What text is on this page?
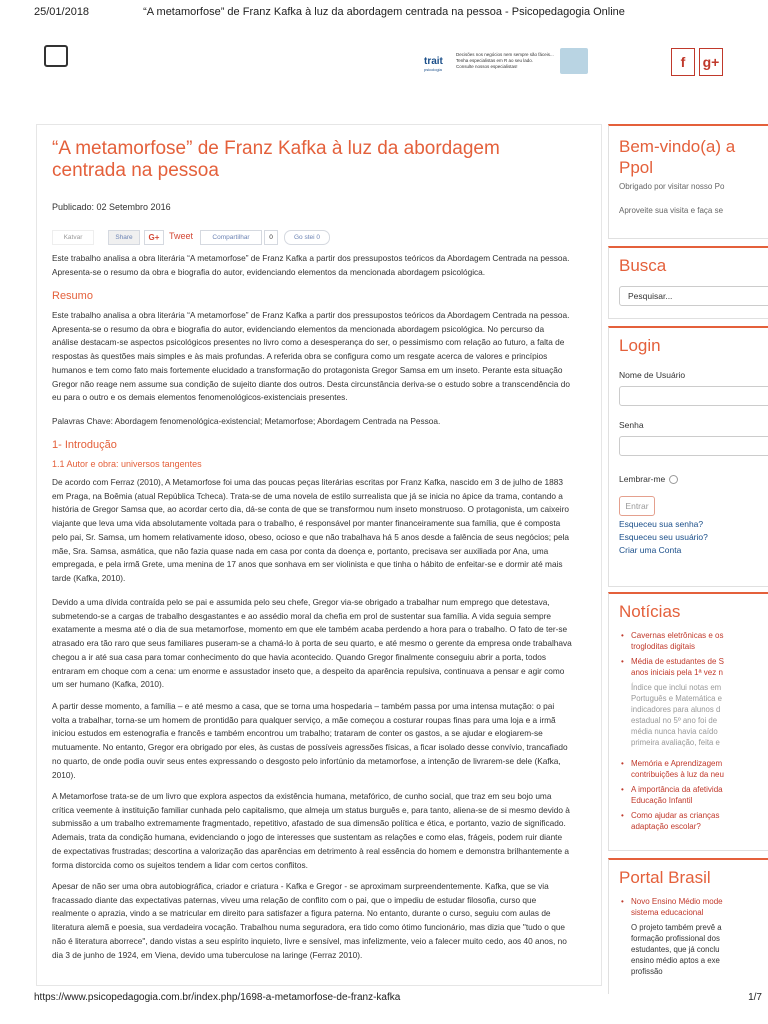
25/01/2018	“A metamorfose” de Franz Kafka à luz da abordagem centrada na pessoa - Psicopedagogia Online
trait
psicologia
Decisões nos negócios nem sempre são fáceis...
Tenha especialistas em R ao seu lado.
Consulte nossos especialistas!	f	g+
“A metamorfose” de Franz Kafka à luz da abordagem centrada na pessoa
Publicado: 02 Setembro 2016
Katvar	Share	G+	Tweet	Compartilhar	0	Go stei 0

Este trabalho analisa a obra literária “A metamorfose” de Franz Kafka a partir dos pressupostos teóricos da Abordagem Centrada na pessoa. Apresenta-se o resumo da obra e biografia do autor, evidenciando elementos da mencionada abordagem psicológica.

Resumo

Este trabalho analisa a obra literária “A metamorfose” de Franz Kafka a partir dos pressupostos teóricos da Abordagem Centrada na pessoa. Apresenta-se o resumo da obra e biografia do autor, evidenciando elementos da mencionada abordagem psicológica. No percurso da análise destacam-se aspectos psicológicos presentes no livro como a desesperança do ser, o pessimismo com relação ao futuro, a falta de respostas às questões mais simples e às mais profundas. A referida obra se configura como um resgate acerca de valores e princípios humanos e tem como fato mais fortemente elucidado a transformação do protagonista Gregor Samsa em um inseto. Perante esta situação Gregor não reage nem assume sua condição de sujeito diante dos outros. Desta circunstância deriva-se o estudo sobre a transcendência do eu para o outro e os demais elementos fenomenológicos-existenciais presentes.

Palavras Chave: Abordagem fenomenológica-existencial; Metamorfose; Abordagem Centrada na Pessoa.

1- Introdução
1.1 Autor e obra: universos tangentes

De acordo com Ferraz (2010), A Metamorfose foi uma das poucas peças literárias escritas por Franz Kafka, nascido em 3 de julho de 1883 em Praga, na Boêmia (atual República Tcheca). Trata-se de uma novela de estilo surrealista que já se inicia no ápice da trama, contando a história de Gregor Samsa que, ao acordar certo dia, dá-se conta de que se transformou num inseto monstruoso. O protagonista, um caixeiro viajante que leva uma vida absolutamente voltada para o trabalho, é responsável por manter financeiramente sua família, que é composta pelo pai, Sr. Samsa, um homem relativamente idoso, obeso, ocioso e que não trabalhava há 5 anos desde a falência de seus negócios; pela mãe, Sra. Samsa, asmática, que não fazia quase nada em casa por conta da doença e, portanto, precisava ser auxiliada por Ana, uma empregada, e pela irmã Grete, uma menina de 17 anos que sonhava em ser violinista e que tinha o hábito de enfeitar-se e dormir até mais tarde (Kafka, 2010).

Devido a uma dívida contraída pelo se pai e assumida pelo seu chefe, Gregor via-se obrigado a trabalhar num emprego que detestava, submetendo-se a cargas de trabalho desgastantes e ao assédio moral da chefia em prol de sustentar sua família. A vida seguia sempre exatamente a mesma até o dia de sua metamorfose, momento em que ele também acaba perdendo a hora para o trabalho. O fato de ter-se atrasado era tão raro que seus familiares puseram-se a chamá-lo à porta de seu quarto, e até mesmo o gerente da empresa onde trabalhava chegou a ir até sua casa para tomar conhecimento do que havia acontecido. Quando Gregor finalmente conseguiu abrir a porta, todos entraram em choque com a cena: um enorme e assustador inseto que, a despeito da aparência repulsiva, continuava a pensar e agir como um ser humano (Kafka, 2010).

A partir desse momento, a família – e até mesmo a casa, que se torna uma hospedaria – também passa por uma intensa mutação: o pai volta a trabalhar, torna-se um homem de prontidão para qualquer serviço, a mãe começou a costurar roupas finas para uma loja e a irmã iniciou estudos em estenografia e francês e também encontrou um trabalho; trataram de conter os gastos, a se ajudar e elogiarem-se mutuamente. No entanto, Gregor era obrigado por eles, às custas de possíveis agressões físicas, a ficar isolado desse convívio, trancafiado no quarto, de onde podia ouvir seus entes expressando o desgosto pelo infortúnio da metamorfose, a intenção de livrarem-se dele (Kafka, 2010).

A Metamorfose trata-se de um livro que explora aspectos da existência humana, metafórico, de cunho social, que traz em seu bojo uma crítica veemente à instituição familiar cunhada pelo capitalismo, que almeja um status burguês e, para tanto, aliena-se de si mesmo devido à submissão a um trabalho extremamente fragmentado, repetitivo, afastado de sua dimensão política e ética, e portanto, vazio de significado. Ademais, trata da condição humana, evidenciando o jogo de interesses que sustentam as relações e como elas, frágeis, podem ruir diante de expectativas frustradas; descortina a valorização das aparências em detrimento à real essência do homem e demonstra brilhantemente a forma distorcida como os sujeitos tendem a lidar com certos conflitos.

Apesar de não ser uma obra autobiográfica, criador e criatura - Kafka e Gregor - se aproximam surpreendentemente. Kafka, que se via fracassado diante das expectativas paternas, viveu uma relação de conflito com o pai, que o impediu de estudar filosofia, curso que realmente o aprazia, vindo a se matricular em direito para satisfazer a figura paterna. No entanto, durante o curso, seguiu com aulas de literatura alemã e poesia, sua verdadeira vocação. Trabalhou numa seguradora, era tido como ótimo funcionário, mas dizia que "tudo o que não é literatura aborrece", dando vistas a seu espírito inquieto, livre e sensível, mas infelizmente, veio a falecer muito cedo, aos 40 anos, no dia 3 de junho de 1924, em Viena, devido uma tuberculose na laringe (Ferraz 2010).

Bem-vindo(a) a Ppol
Obrigado por visitar nosso Po
Aproveite sua visita e faça se
Busca
Pesquisar...
Login
Nome de Usuário
Senha
Lembrar-me
Entrar
Esqueceu sua senha?
Esqueceu seu usuário?
Criar uma Conta
Notícias
• Cavernas eletrônicas e os
trogloditas digitais
• Média de estudantes de S
anos iniciais pela 1ª vez n
Índice que inclui notas em
Português e Matemática e
indicadores para alunos d
estadual no 5º ano foi de
média nunca havia caído
primeira avaliação, feita e
• Memória e Aprendizagem
contribuições à luz da neu
• A importância da afetivida
Educação Infantil
• Como ajudar as crianças
adaptação escolar?
Portal Brasil
• Novo Ensino Médio mode
sistema educacional
O projeto também prevê a
formação profissional dos
estudantes, que já conclu
ensino médio aptos a exe
profissão
https://www.psicopedagogia.com.br/index.php/1698-a-metamorfose-de-franz-kafka	1/7
